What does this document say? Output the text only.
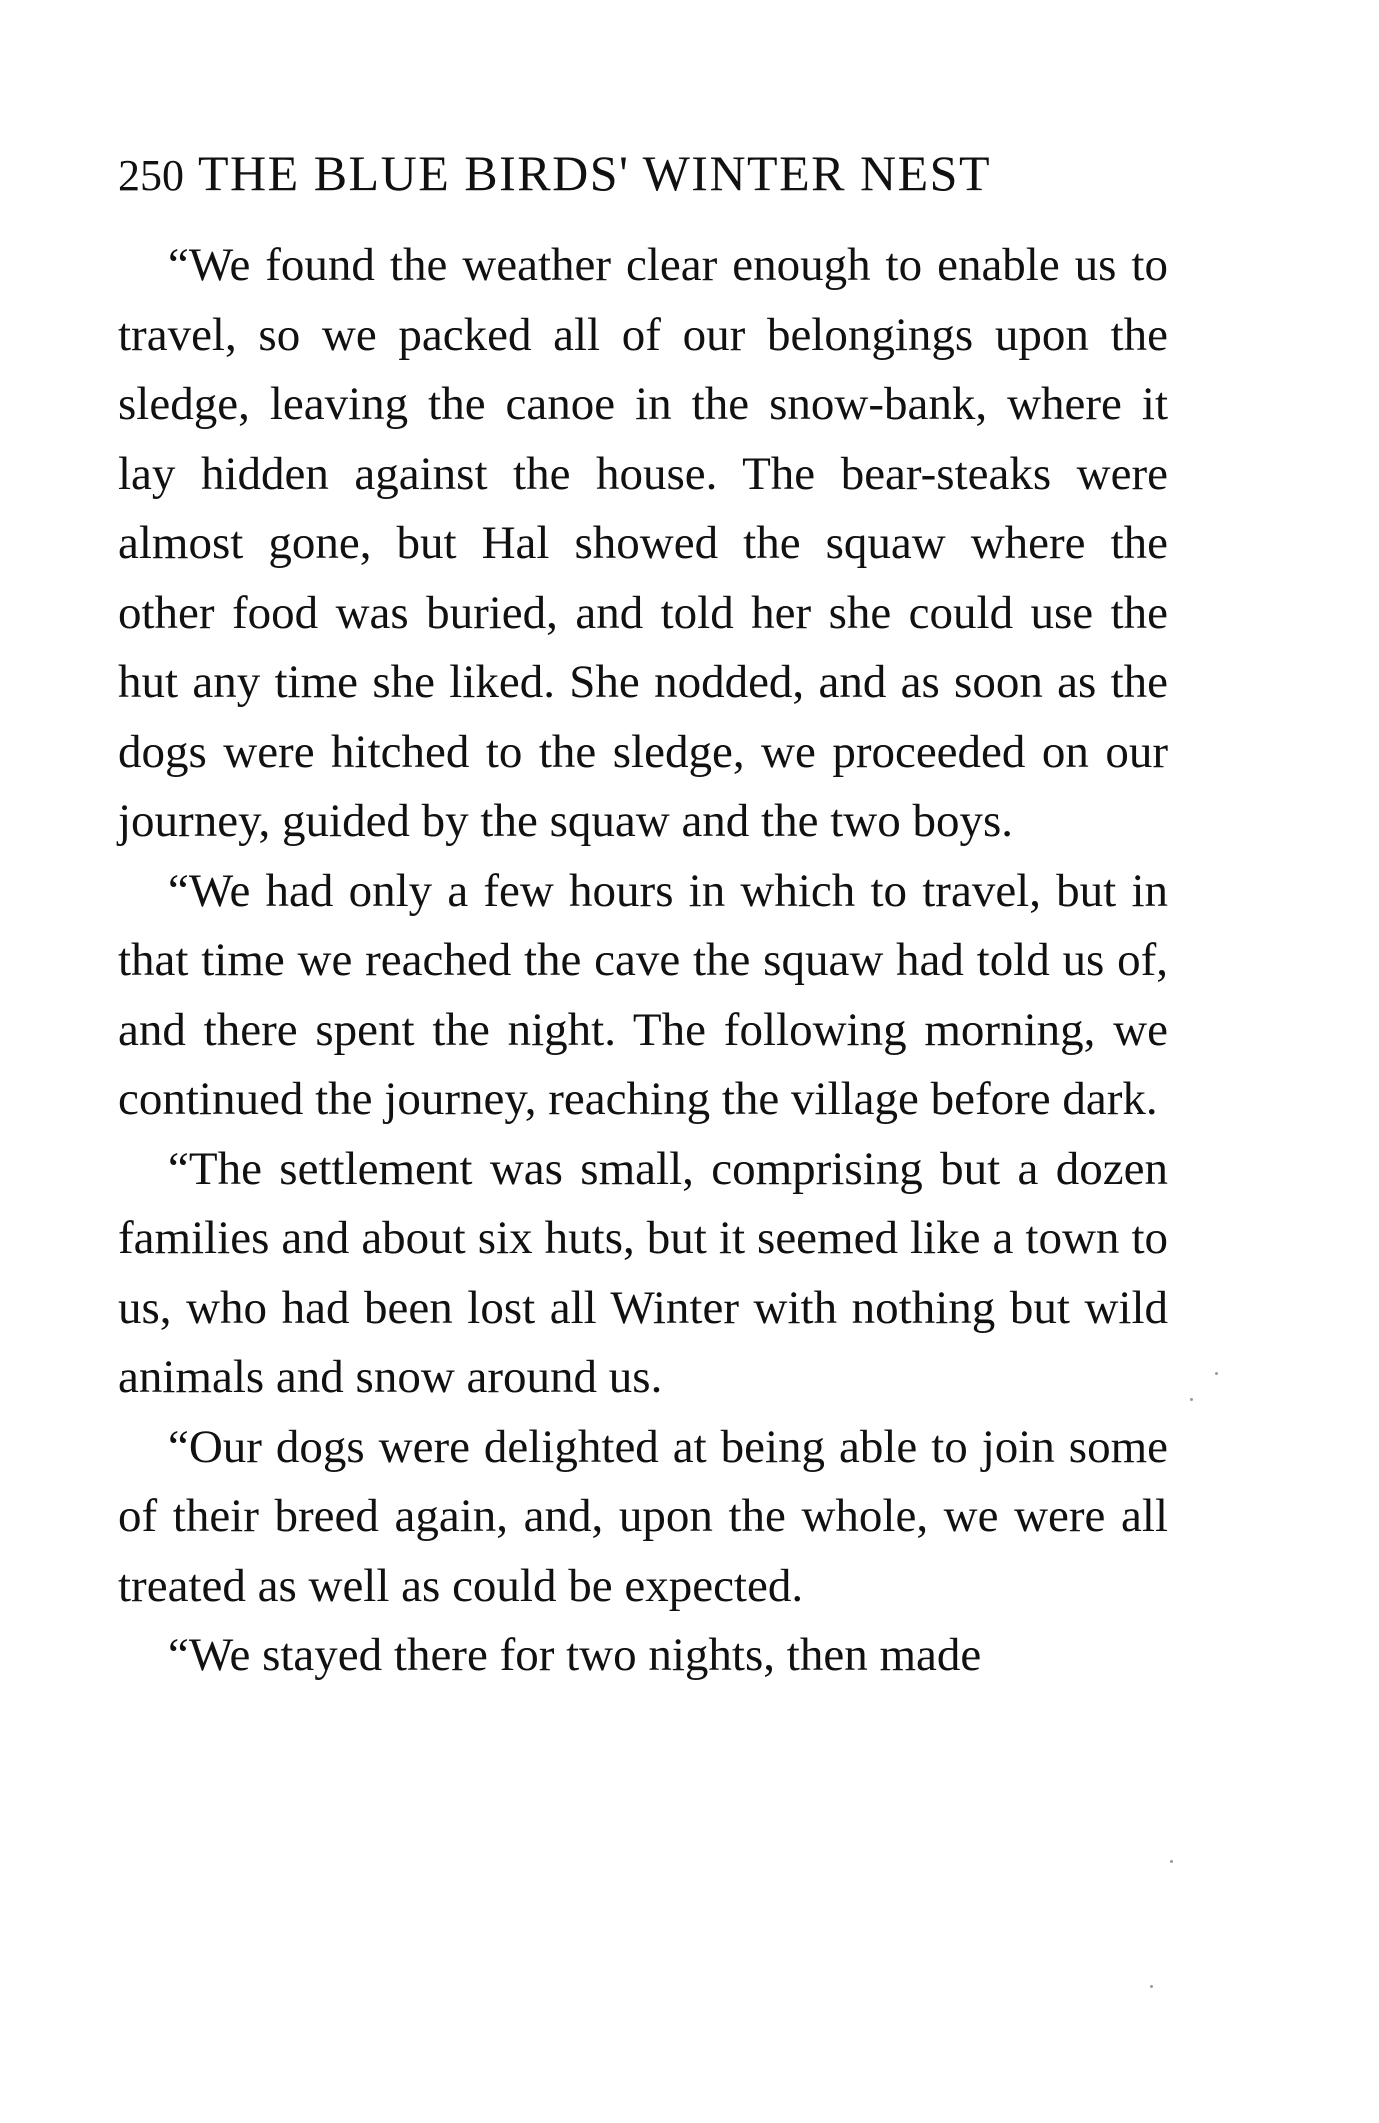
250 THE BLUE BIRDS' WINTER NEST

“We found the weather clear enough to enable us to travel, so we packed all of our belongings upon the sledge, leaving the canoe in the snow-bank, where it lay hidden against the house. The bear-steaks were almost gone, but Hal showed the squaw where the other food was buried, and told her she could use the hut any time she liked. She nodded, and as soon as the dogs were hitched to the sledge, we proceeded on our journey, guided by the squaw and the two boys.

“We had only a few hours in which to travel, but in that time we reached the cave the squaw had told us of, and there spent the night. The following morning, we continued the journey, reaching the village before dark.

“The settlement was small, comprising but a dozen families and about six huts, but it seemed like a town to us, who had been lost all Winter with nothing but wild animals and snow around us.

“Our dogs were delighted at being able to join some of their breed again, and, upon the whole, we were all treated as well as could be expected.

“We stayed there for two nights, then made
